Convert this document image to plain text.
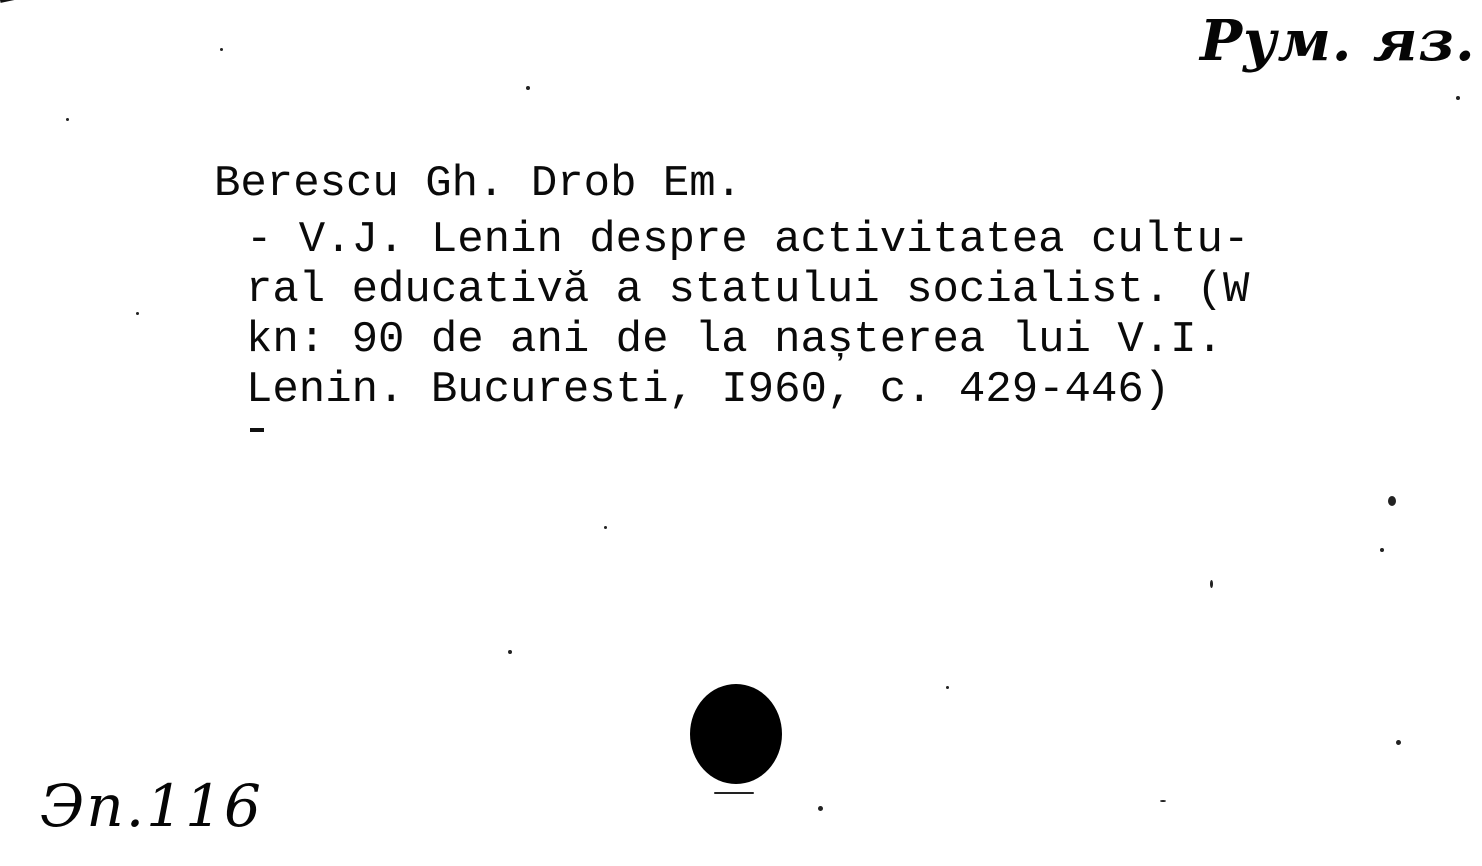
Рум. яз.
Berescu Gh. Drob Em.
- V.J. Lenin despre activitatea cultu-
ral educativă a statului socialist. (W
kn: 90 de ani de la nașterea lui V.I.
Lenin. Bucuresti, I960, c. 429-446)
Эп.116
